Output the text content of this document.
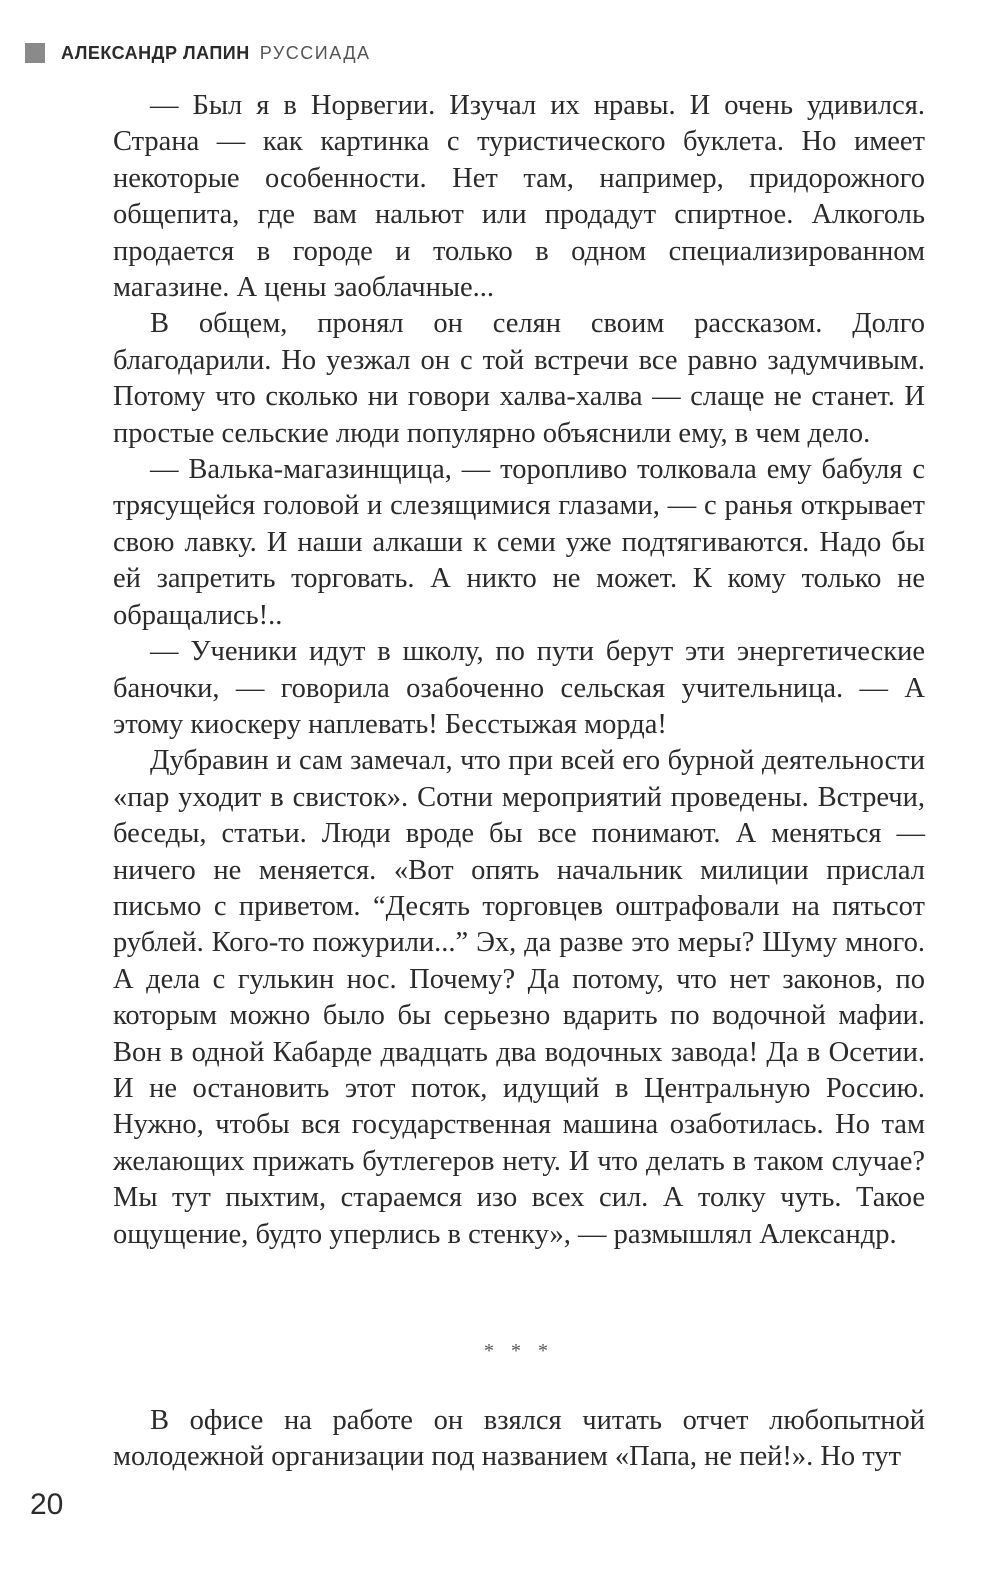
АЛЕКСАНДР ЛАПИН РУССИАДА

— Был я в Норвегии. Изучал их нравы. И очень удивился. Страна — как картинка с туристического буклета. Но имеет некоторые особенности. Нет там, например, придорожного общепита, где вам нальют или продадут спиртное. Алкоголь продается в городе и только в одном специализированном магазине. А цены заоблачные...

В общем, пронял он селян своим рассказом. Долго благодарили. Но уезжал он с той встречи все равно задумчивым. Потому что сколько ни говори халва-халва — слаще не станет. И простые сельские люди популярно объяснили ему, в чем дело.

— Валька-магазинщица, — торопливо толковала ему бабуля с трясущейся головой и слезящимися глазами, — с ранья открывает свою лавку. И наши алкаши к семи уже подтягиваются. Надо бы ей запретить торговать. А никто не может. К кому только не обращались!..

— Ученики идут в школу, по пути берут эти энергетические баночки, — говорила озабоченно сельская учительница. — А этому киоскеру наплевать! Бесстыжая морда!

Дубравин и сам замечал, что при всей его бурной деятельности «пар уходит в свисток». Сотни мероприятий проведены. Встречи, беседы, статьи. Люди вроде бы все понимают. А меняться — ничего не меняется. «Вот опять начальник милиции прислал письмо с приветом. “Десять торговцев оштрафовали на пятьсот рублей. Кого-то пожурили...” Эх, да разве это меры? Шуму много. А дела с гулькин нос. Почему? Да потому, что нет законов, по которым можно было бы серьезно вдарить по водочной мафии. Вон в одной Кабарде двадцать два водочных завода! Да в Осетии. И не остановить этот поток, идущий в Центральную Россию. Нужно, чтобы вся государственная машина озаботилась. Но там желающих прижать бутлегеров нету. И что делать в таком случае? Мы тут пыхтим, стараемся изо всех сил. А толку чуть. Такое ощущение, будто уперлись в стенку», — размышлял Александр.

* * *

В офисе на работе он взялся читать отчет любопытной молодежной организации под названием «Папа, не пей!». Но тут

20
